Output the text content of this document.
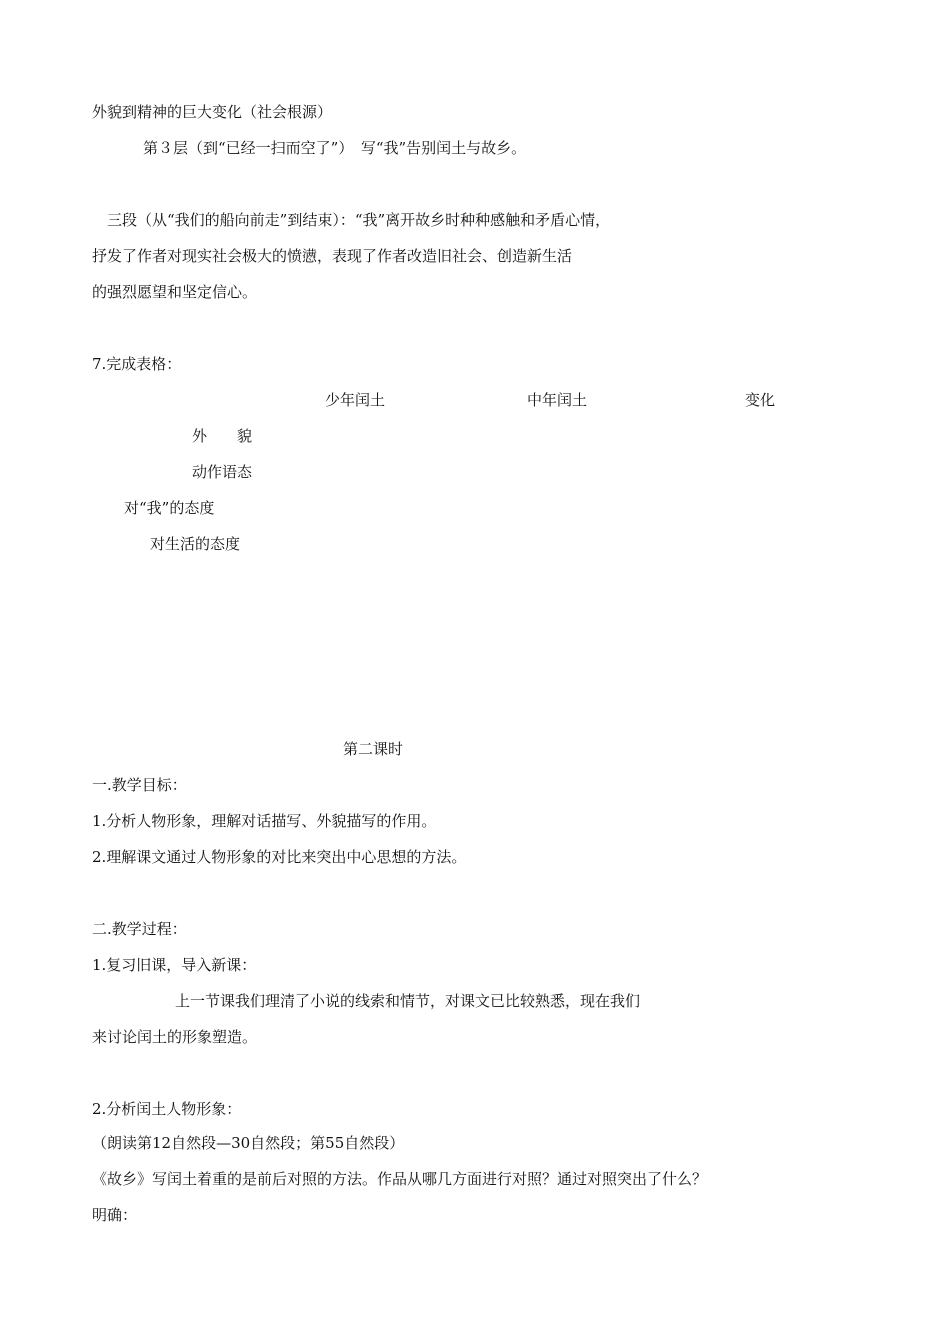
外貌到精神的巨大变化（社会根源）
第３层（到“已经一扫而空了”）　写“我”告别闰土与故乡。
三段（从“我们的船向前走”到结束）：“我”离开故乡时种种感触和矛盾心情，
抒发了作者对现实社会极大的愤懑，表现了作者改造旧社会、创造新生活
的强烈愿望和坚定信心。
7.完成表格：
少年闰土	中年闰土	变化
外　　貌
动作语态
对“我”的态度
对生活的态度
第二课时
一.教学目标：
1.分析人物形象，理解对话描写、外貌描写的作用。
2.理解课文通过人物形象的对比来突出中心思想的方法。
二.教学过程：
1.复习旧课，导入新课：
上一节课我们理清了小说的线索和情节，对课文已比较熟悉，现在我们
来讨论闰土的形象塑造。
2.分析闰土人物形象：
（朗读第12自然段—30自然段；第55自然段）
《故乡》写闰土着重的是前后对照的方法。作品从哪几方面进行对照？通过对照突出了什么？
明确：
